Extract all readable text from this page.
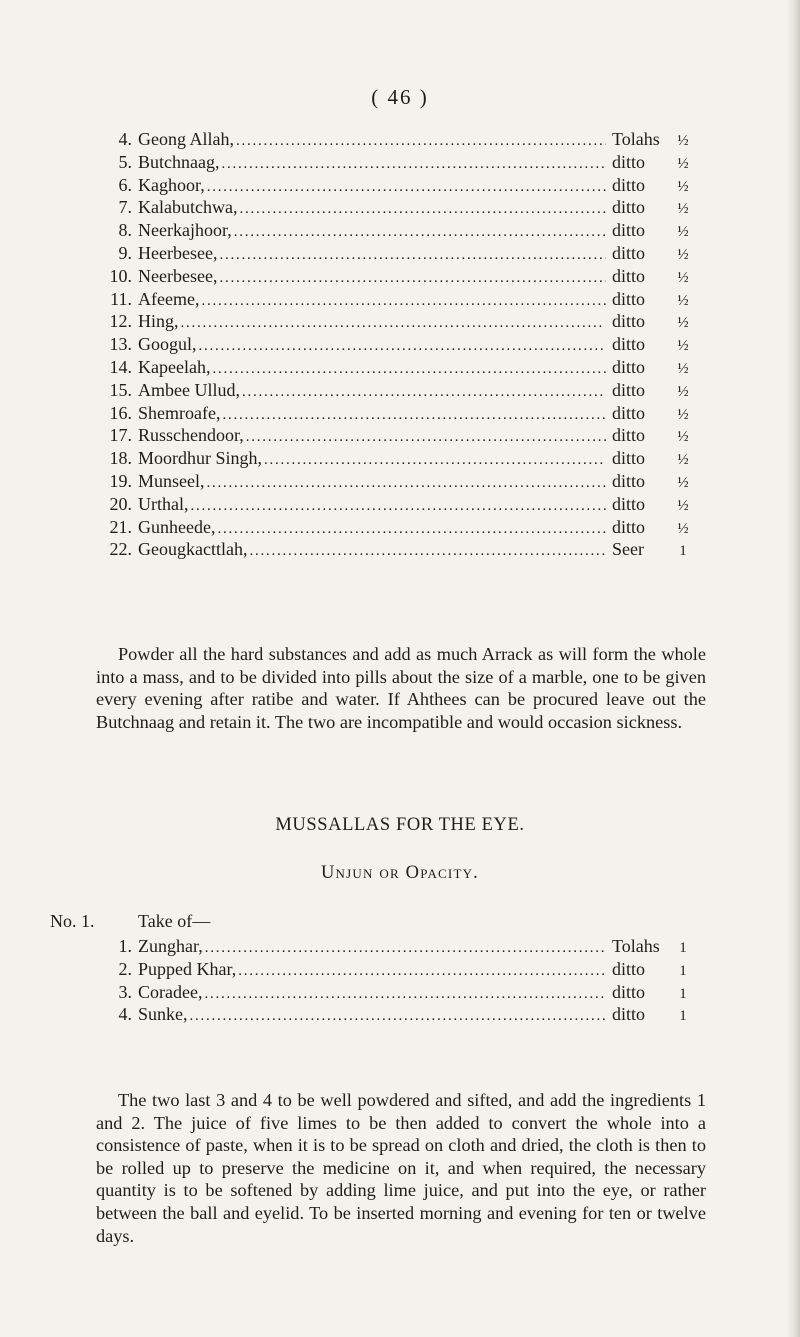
( 46 )
4. Geong Allah, . . .	Tolahs	½
5. Butchnaag, . . .	ditto	½
6. Kaghoor, . . .	ditto	½
7. Kalabutchwa, . . .	ditto	½
8. Neerkajhoor, . . .	ditto	½
9. Heerbesee, . . .	ditto	½
10. Neerbesee, . . .	ditto	½
11. Afeeme, . . .	ditto	½
12. Hing, . . .	ditto	½
13. Googul, . . .	ditto	½
14. Kapeelah, . . .	ditto	½
15. Ambee Ullud, . . .	ditto	½
16. Shemroafe, . . .	ditto	½
17. Russchendoor, . . .	ditto	½
18. Moordhur Singh, . . .	ditto	½
19. Munseel, . . .	ditto	½
20. Urthal, . . .	ditto	½
21. Gunheede, . . .	ditto	½
22. Geougkacttlah, . . .	Seer	1

Powder all the hard substances and add as much Arrack as will form the whole into a mass, and to be divided into pills about the size of a marble, one to be given every evening after ratibe and water. If Ahthees can be procured leave out the Butchnaag and retain it. The two are incompatible and would occasion sickness.

MUSSALLAS FOR THE EYE.
Unjun or Opacity.
No. 1. Take of—
1. Zunghar, . . .	Tolahs	1
2. Pupped Khar, . . .	ditto	1
3. Coradee, . . .	ditto	1
4. Sunke, . . .	ditto	1

The two last 3 and 4 to be well powdered and sifted, and add the ingredients 1 and 2. The juice of five limes to be then added to convert the whole into a consistence of paste, when it is to be spread on cloth and dried, the cloth is then to be rolled up to preserve the medicine on it, and when required, the necessary quantity is to be softened by adding lime juice, and put into the eye, or rather between the ball and eyelid. To be inserted morning and evening for ten or twelve days.
